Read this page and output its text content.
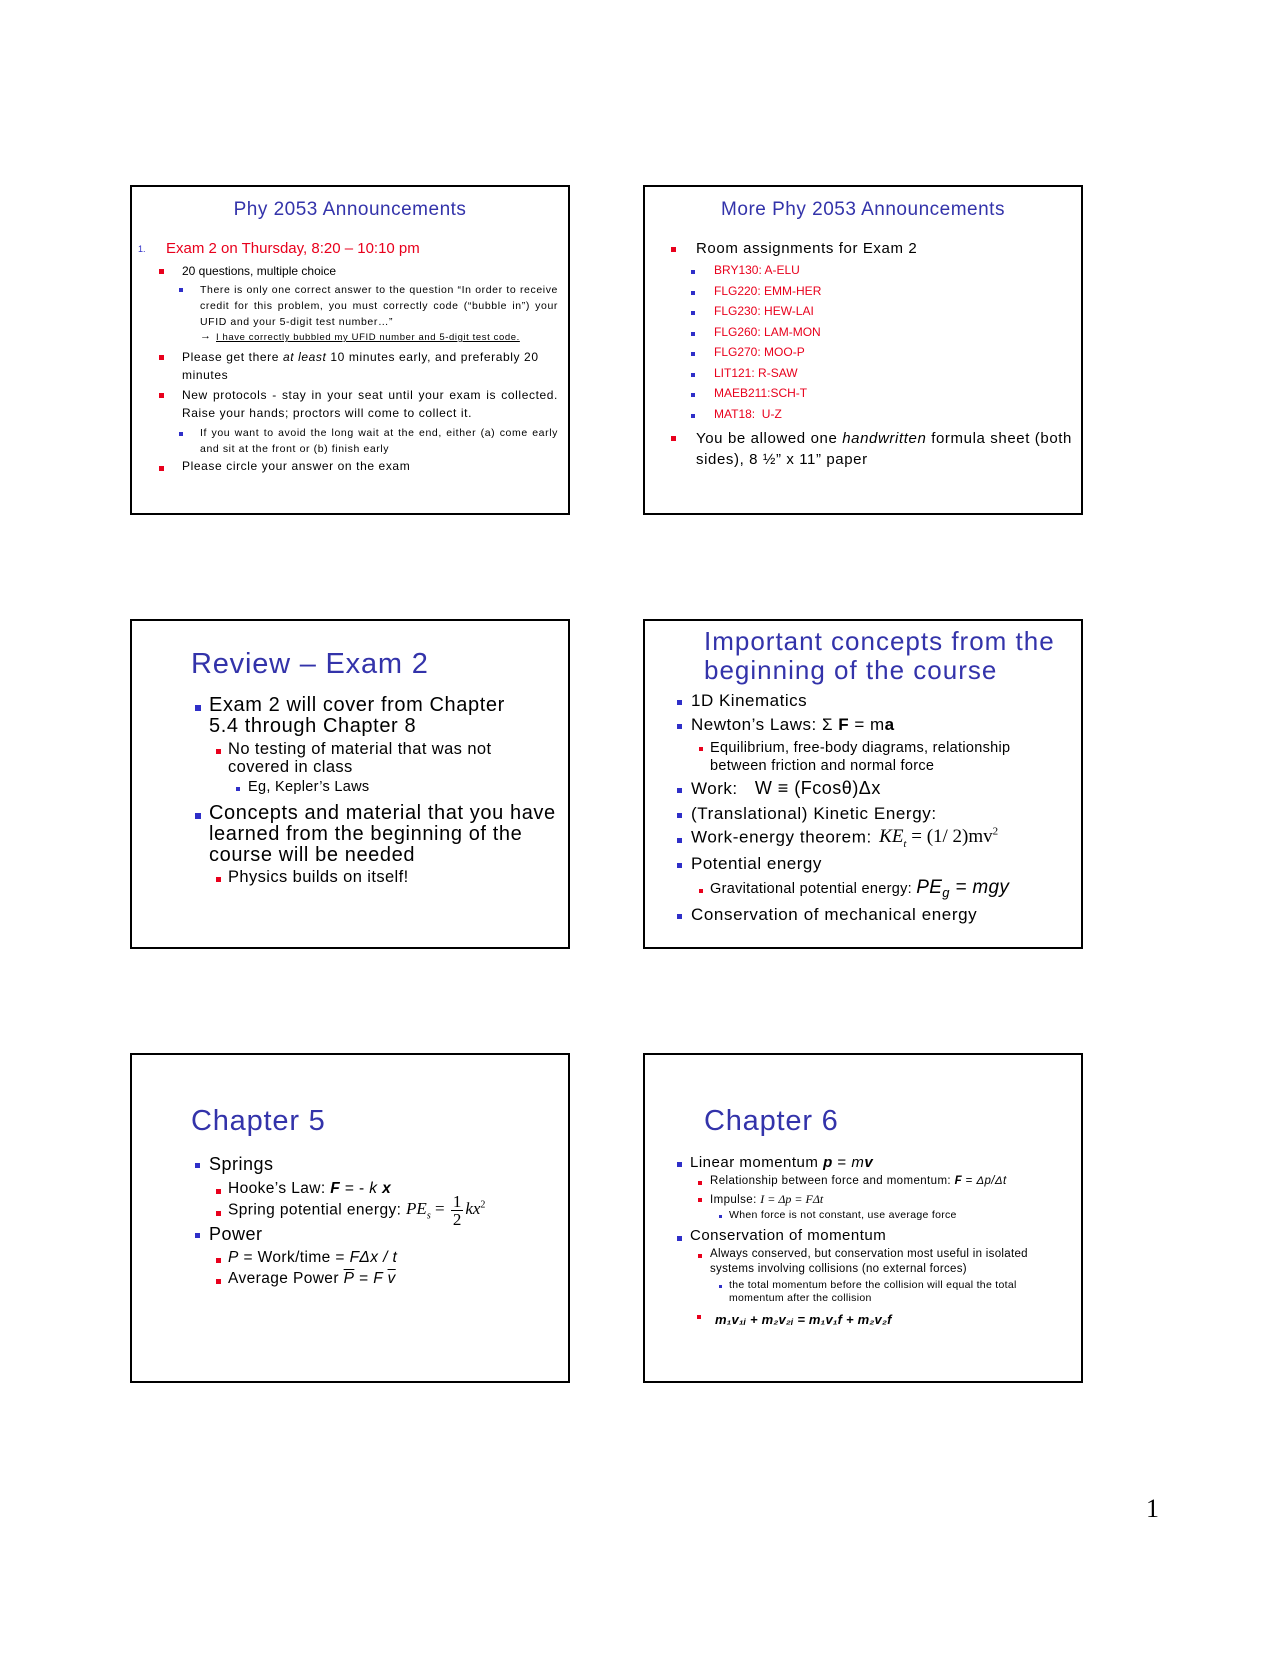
Phy 2053 Announcements
1. Exam 2 on Thursday, 8:20 – 10:10 pm
20 questions, multiple choice
There is only one correct answer to the question “In order to receive credit for this problem, you must correctly code (“bubble in”) your UFID and your 5-digit test number…”
→ I have correctly bubbled my UFID number and 5-digit test code.
Please get there at least 10 minutes early, and preferably 20 minutes
New protocols - stay in your seat until your exam is collected. Raise your hands; proctors will come to collect it.
If you want to avoid the long wait at the end, either (a) come early and sit at the front or (b) finish early
Please circle your answer on the exam
More Phy 2053 Announcements
Room assignments for Exam 2
BRY130: A-ELU
FLG220: EMM-HER
FLG230: HEW-LAI
FLG260: LAM-MON
FLG270: MOO-P
LIT121: R-SAW
MAEB211:SCH-T
MAT18:  U-Z
You be allowed one handwritten formula sheet (both sides), 8 ½” x 11” paper
Review – Exam 2
Exam 2 will cover from Chapter 5.4 through Chapter 8
No testing of material that was not covered in class
Eg, Kepler’s Laws
Concepts and material that you have learned from the beginning of the course will be needed
Physics builds on itself!
Important concepts from the beginning of the course
1D Kinematics
Newton’s Laws: Σ F = ma
Equilibrium, free-body diagrams, relationship between friction and normal force
Work: W ≡ (Fcosθ)Δx
(Translational) Kinetic Energy:
Work-energy theorem: $KE_t = (1/$ $2)mv^2$
Potential energy
Gravitational potential energy: $PE_g$ = mgy
Conservation of mechanical energy
Chapter 5
Springs
Hooke’s Law: F = - k x
Spring potential energy: $PE_s = \frac{1}{2} kx^2$
Power
P = Work/time = FΔx / t
Average Power $\overline{P} = F$ $\overline{v}$
Chapter 6
Linear momentum p = mv
Relationship between force and momentum: F = Δp/Δt
Impulse: I = Δp = FΔt
When force is not constant, use average force
Conservation of momentum
Always conserved, but conservation most useful in isolated systems involving collisions (no external forces)
the total momentum before the collision will equal the total momentum after the collision
m₁v₁ᵢ + m₂v₂ᵢ = m₁v₁f + m₂v₂f
1
